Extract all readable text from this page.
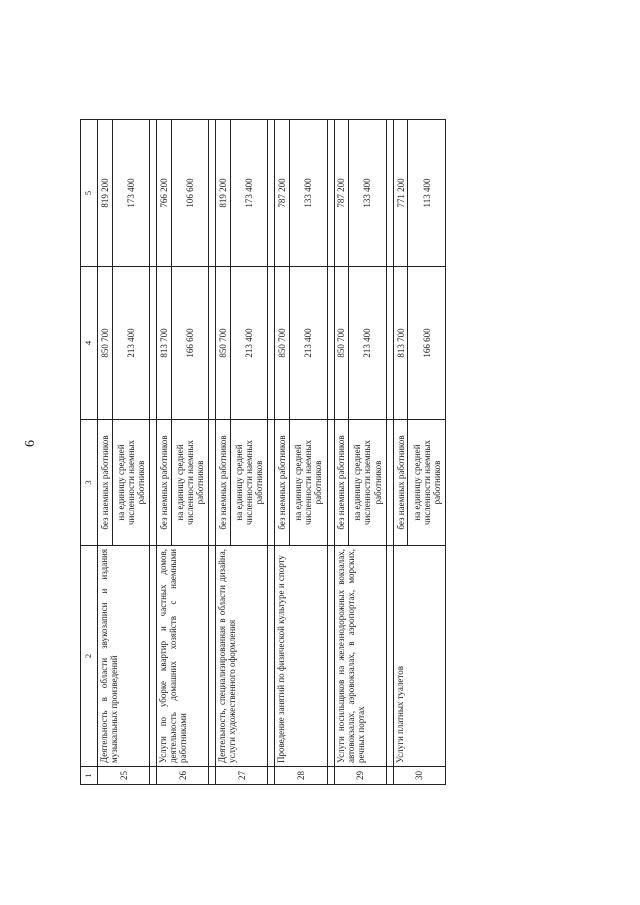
6
1	2	3	4	5
25	Деятельность в области звукозаписи и издания музыкальных произведений	без наемных работников	850 700	819 200
		на единицу средней численности наемных работников	213 400	173 400

26	Услуги по уборке квартир и частных домов, деятельность домашних хозяйств с наемными работниками	без наемных работников	813 700	766 200
		на единицу средней численности наемных работников	166 600	106 600

27	Деятельность, специализированная в области дизайна, услуги художественного оформления	без наемных работников	850 700	819 200
		на единицу средней численности наемных работников	213 400	173 400

28	Проведение занятий по физической культуре и спорту	без наемных работников	850 700	787 200
		на единицу средней численности наемных работников	213 400	133 400

29	Услуги носильщиков на железнодорожных вокзалах, автовокзалах, аэровокзалах, в аэропортах, морских, речных портах	без наемных работников	850 700	787 200
		на единицу средней численности наемных работников	213 400	133 400

30	Услуги платных туалетов	без наемных работников	813 700	771 200
		на единицу средней численности наемных работников	166 600	113 400
